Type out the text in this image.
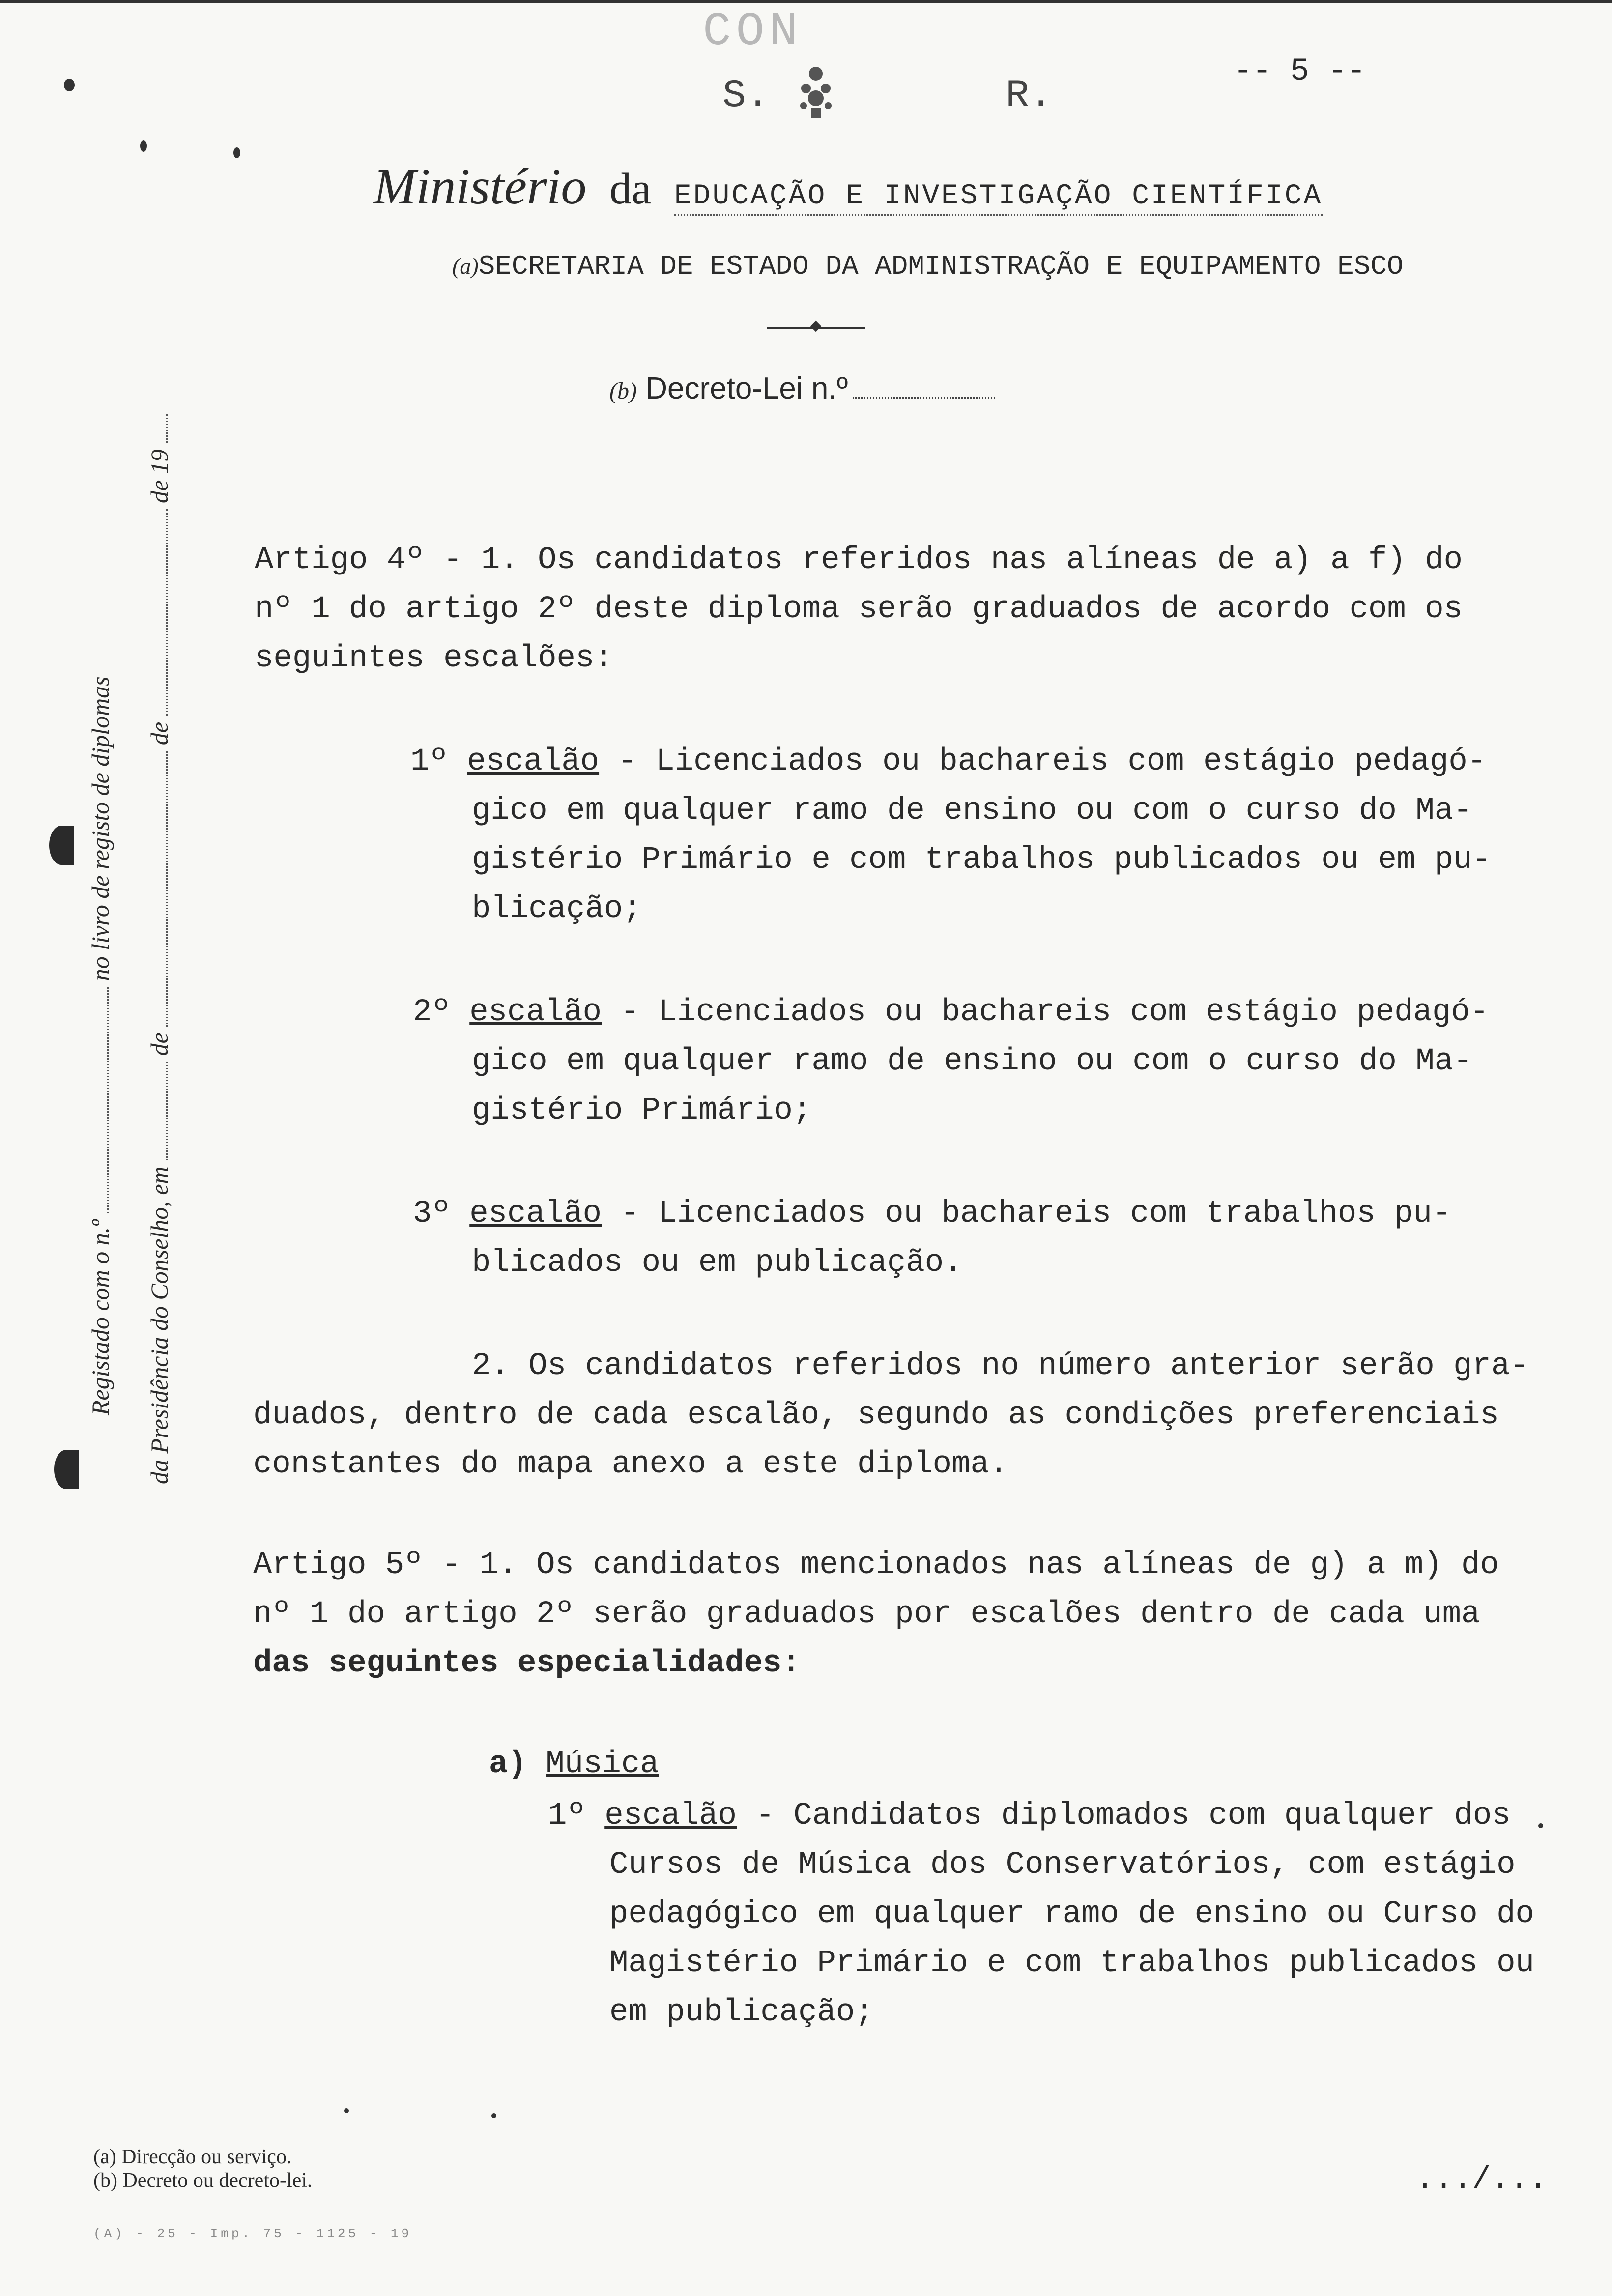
CON
S.          R.
-- 5 --
Ministério da EDUCAÇÃO E INVESTIGAÇÃO CIENTÍFICA
(a)SECRETARIA DE ESTADO DA ADMINISTRAÇÃO E EQUIPAMENTO ESCO
(b) Decreto-Lei n.º
Registado com o n.º  no livro de registo de diplomas
da Presidência do Conselho, em  de  de  de 19
Artigo 4º - 1. Os candidatos referidos nas alíneas de a) a f) do
nº 1 do artigo 2º deste diploma serão graduados de acordo com os
seguintes escalões:
1º escalão - Licenciados ou bachareis com estágio pedagó-
gico em qualquer ramo de ensino ou com o curso do Ma-
gistério Primário e com trabalhos publicados ou em pu-
blicação;
2º escalão - Licenciados ou bachareis com estágio pedagó-
gico em qualquer ramo de ensino ou com o curso do Ma-
gistério Primário;
3º escalão - Licenciados ou bachareis com trabalhos pu-
blicados ou em publicação.
2. Os candidatos referidos no número anterior serão gra-
duados, dentro de cada escalão, segundo as condições preferenciais
constantes do mapa anexo a este diploma.
Artigo 5º - 1. Os candidatos mencionados nas alíneas de g) a m) do
nº 1 do artigo 2º serão graduados por escalões dentro de cada uma
das seguintes especialidades:
a) Música
1º escalão - Candidatos diplomados com qualquer dos
Cursos de Música dos Conservatórios, com estágio
pedagógico em qualquer ramo de ensino ou Curso do
Magistério Primário e com trabalhos publicados ou
em publicação;
(a) Direcção ou serviço.
(b) Decreto ou decreto-lei.
(A) - 25 - Imp. 75 - 1125 - 19
.../...
